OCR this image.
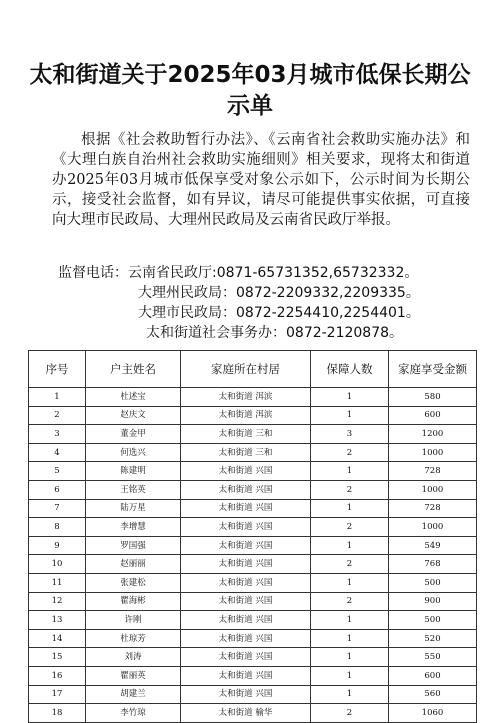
太和街道关于2025年03月城市低保长期公示单
根据《社会救助暂行办法》、《云南省社会救助实施办法》和《大理白族自治州社会救助实施细则》相关要求，现将太和街道办2025年03月城市低保享受对象公示如下，公示时间为长期公示，接受社会监督，如有异议，请尽可能提供事实依据，可直接向大理市民政局、大理州民政局及云南省民政厅举报。
监督电话：云南省民政厅:0871-65731352,65732332。
大理州民政局：0872-2209332,2209335。
大理市民政局：0872-2254410,2254401。
太和街道社会事务办：0872-2120878。
序号	户主姓名	家庭所在村居	保障人数	家庭享受金额
1	杜述宝	太和街道 洱滨	1	580
2	赵庆文	太和街道 洱滨	1	600
3	董金甲	太和街道 三和	3	1200
4	何选兴	太和街道 三和	2	1000
5	陈建明	太和街道 兴国	1	728
6	王铭英	太和街道 兴国	2	1000
7	陆万星	太和街道 兴国	1	728
8	李增慧	太和街道 兴国	2	1000
9	罗国强	太和街道 兴国	1	549
10	赵丽丽	太和街道 兴国	2	768
11	张建松	太和街道 兴国	1	500
12	瞿海彬	太和街道 兴国	2	900
13	许刚	太和街道 兴国	1	500
14	杜琼芳	太和街道 兴国	1	520
15	刘涛	太和街道 兴国	1	550
16	瞿丽英	太和街道 兴国	1	600
17	胡建兰	太和街道 兴国	1	560
18	李竹琼	太和街道 榆华	2	1060
